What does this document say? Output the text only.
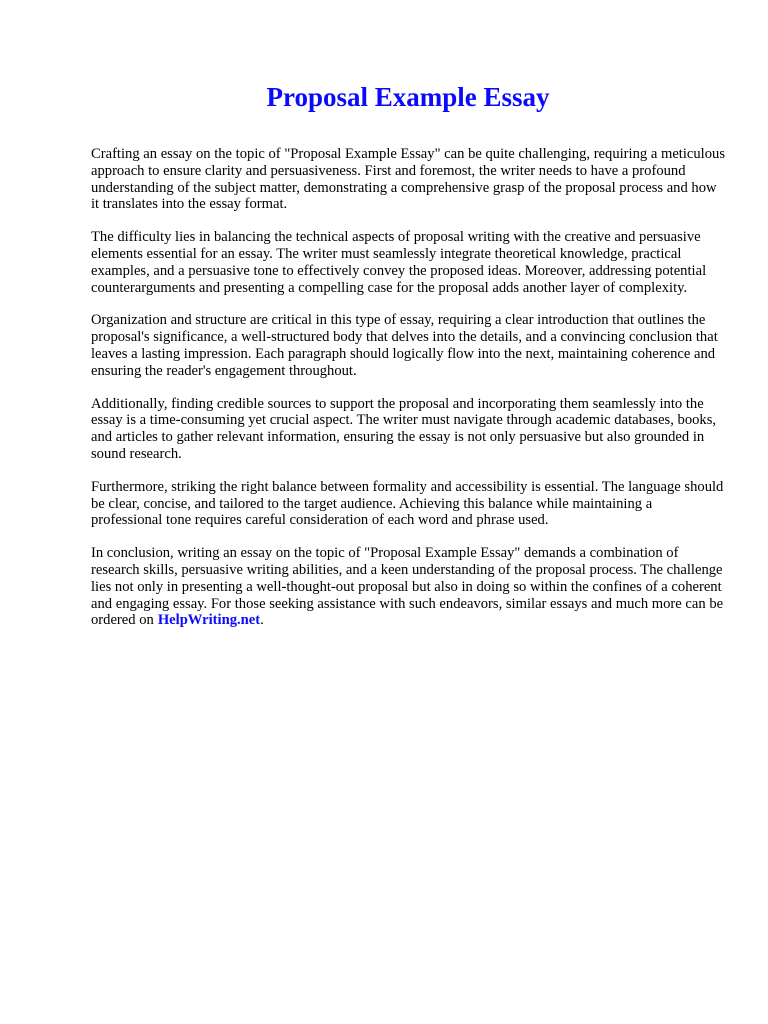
Proposal Example Essay

Crafting an essay on the topic of "Proposal Example Essay" can be quite challenging, requiring a meticulous approach to ensure clarity and persuasiveness. First and foremost, the writer needs to have a profound understanding of the subject matter, demonstrating a comprehensive grasp of the proposal process and how it translates into the essay format.

The difficulty lies in balancing the technical aspects of proposal writing with the creative and persuasive elements essential for an essay. The writer must seamlessly integrate theoretical knowledge, practical examples, and a persuasive tone to effectively convey the proposed ideas. Moreover, addressing potential counterarguments and presenting a compelling case for the proposal adds another layer of complexity.

Organization and structure are critical in this type of essay, requiring a clear introduction that outlines the proposal's significance, a well-structured body that delves into the details, and a convincing conclusion that leaves a lasting impression. Each paragraph should logically flow into the next, maintaining coherence and ensuring the reader's engagement throughout.

Additionally, finding credible sources to support the proposal and incorporating them seamlessly into the essay is a time-consuming yet crucial aspect. The writer must navigate through academic databases, books, and articles to gather relevant information, ensuring the essay is not only persuasive but also grounded in sound research.

Furthermore, striking the right balance between formality and accessibility is essential. The language should be clear, concise, and tailored to the target audience. Achieving this balance while maintaining a professional tone requires careful consideration of each word and phrase used.

In conclusion, writing an essay on the topic of "Proposal Example Essay" demands a combination of research skills, persuasive writing abilities, and a keen understanding of the proposal process. The challenge lies not only in presenting a well-thought-out proposal but also in doing so within the confines of a coherent and engaging essay. For those seeking assistance with such endeavors, similar essays and much more can be ordered on HelpWriting.net.
